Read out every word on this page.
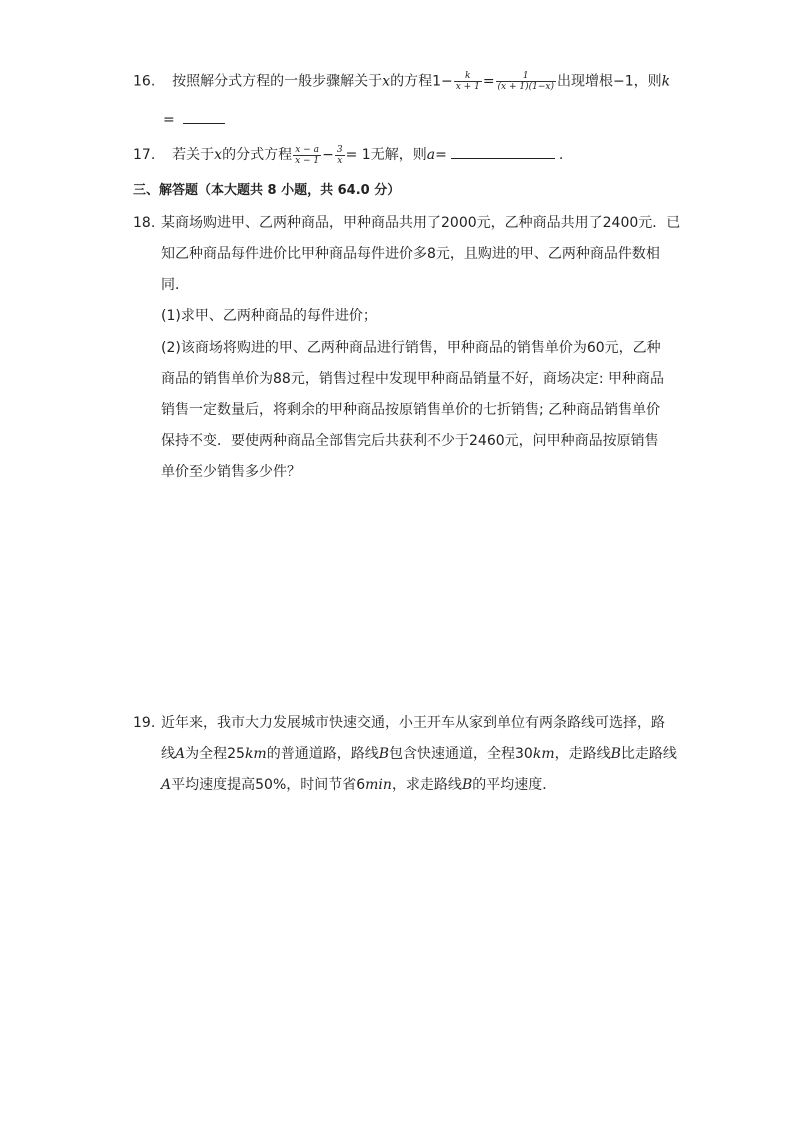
16. 按照解分式方程的一般步骤解关于x的方程$1- \frac{k}{x + 1} = \frac{1}{(x + 1)(1-x)}$ 出现增根−1，则k
=
17. 若关于x的分式方程 $\frac{x - a}{x - 1} - \frac{3}{x} = 1$无解，则a=	.
三、解答题（本大题共 8 小题，共 64.0 分）
18. 某商场购进甲、乙两种商品，甲种商品共用了2000元，乙种商品共用了2400元．已
知乙种商品每件进价比甲种商品每件进价多8元，且购进的甲、乙两种商品件数相
同．
(1)求甲、乙两种商品的每件进价；
(2)该商场将购进的甲、乙两种商品进行销售，甲种商品的销售单价为60元，乙种
商品的销售单价为88元，销售过程中发现甲种商品销量不好，商场决定: 甲种商品
销售一定数量后，将剩余的甲种商品按原销售单价的七折销售; 乙种商品销售单价
保持不变．要使两种商品全部售完后共获利不少于2460元，问甲种商品按原销售
单价至少销售多少件？
19. 近年来，我市大力发展城市快速交通，小王开车从家到单位有两条路线可选择，路
线A为全程25km的普通道路，路线B包含快速通道，全程30km，走路线B比走路线
A平均速度提高50%，时间节省6min，求走路线B的平均速度．
